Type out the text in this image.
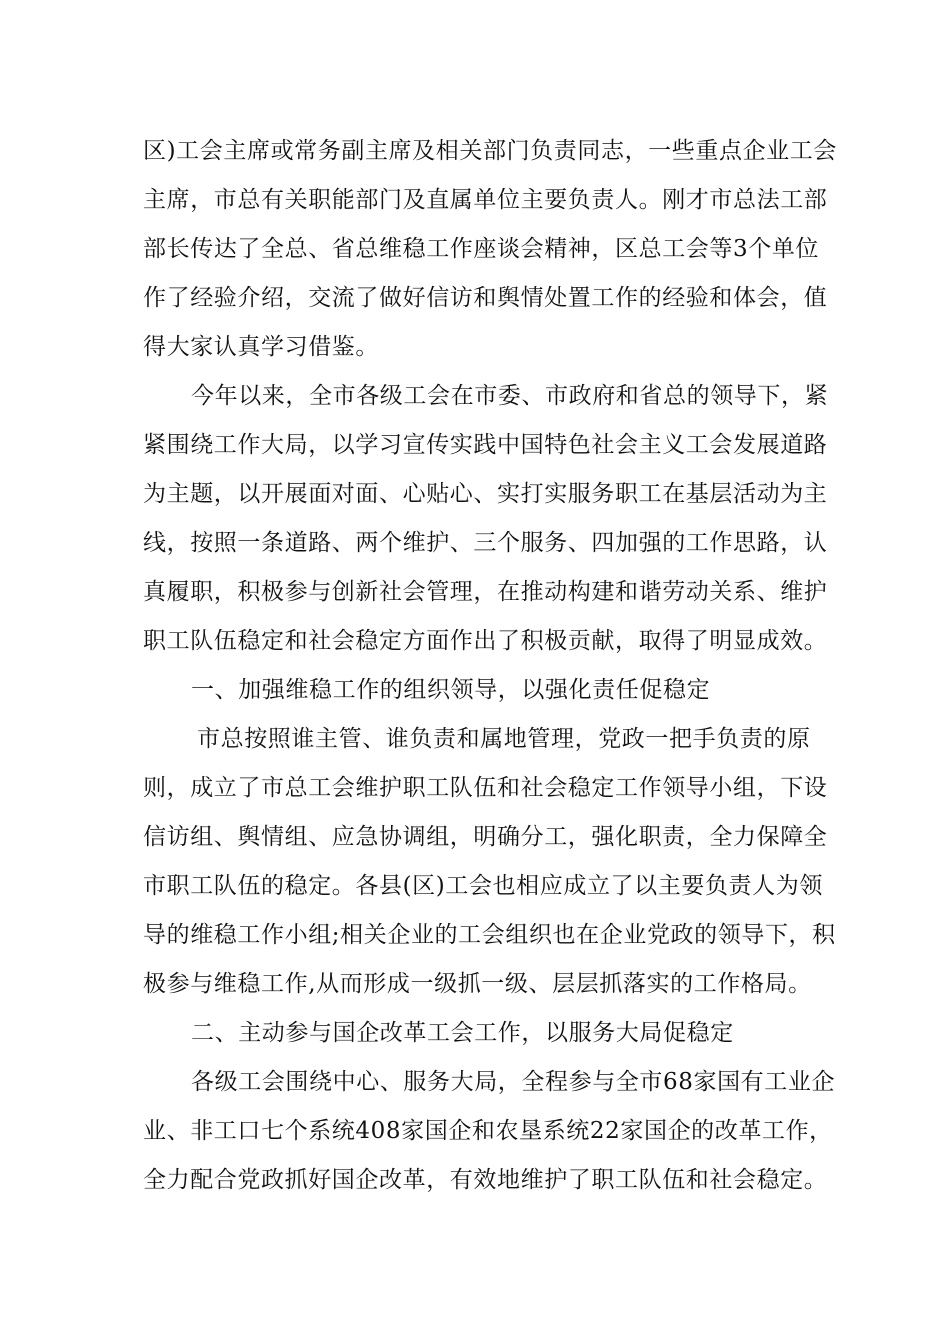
区)工会主席或常务副主席及相关部门负责同志，一些重点企业工会
主席，市总有关职能部门及直属单位主要负责人。刚才市总法工部
部长传达了全总、省总维稳工作座谈会精神，区总工会等3个单位
作了经验介绍，交流了做好信访和舆情处置工作的经验和体会，值
得大家认真学习借鉴。
今年以来，全市各级工会在市委、市政府和省总的领导下，紧
紧围绕工作大局，以学习宣传实践中国特色社会主义工会发展道路
为主题，以开展面对面、心贴心、实打实服务职工在基层活动为主
线，按照一条道路、两个维护、三个服务、四加强的工作思路，认
真履职，积极参与创新社会管理，在推动构建和谐劳动关系、维护
职工队伍稳定和社会稳定方面作出了积极贡献，取得了明显成效。
一、加强维稳工作的组织领导，以强化责任促稳定
市总按照谁主管、谁负责和属地管理，党政一把手负责的原
则，成立了市总工会维护职工队伍和社会稳定工作领导小组，下设
信访组、舆情组、应急协调组，明确分工，强化职责，全力保障全
市职工队伍的稳定。各县(区)工会也相应成立了以主要负责人为领
导的维稳工作小组;相关企业的工会组织也在企业党政的领导下，积
极参与维稳工作,从而形成一级抓一级、层层抓落实的工作格局。
二、主动参与国企改革工会工作，以服务大局促稳定
各级工会围绕中心、服务大局，全程参与全市68家国有工业企
业、非工口七个系统408家国企和农垦系统22家国企的改革工作，
全力配合党政抓好国企改革，有效地维护了职工队伍和社会稳定。
